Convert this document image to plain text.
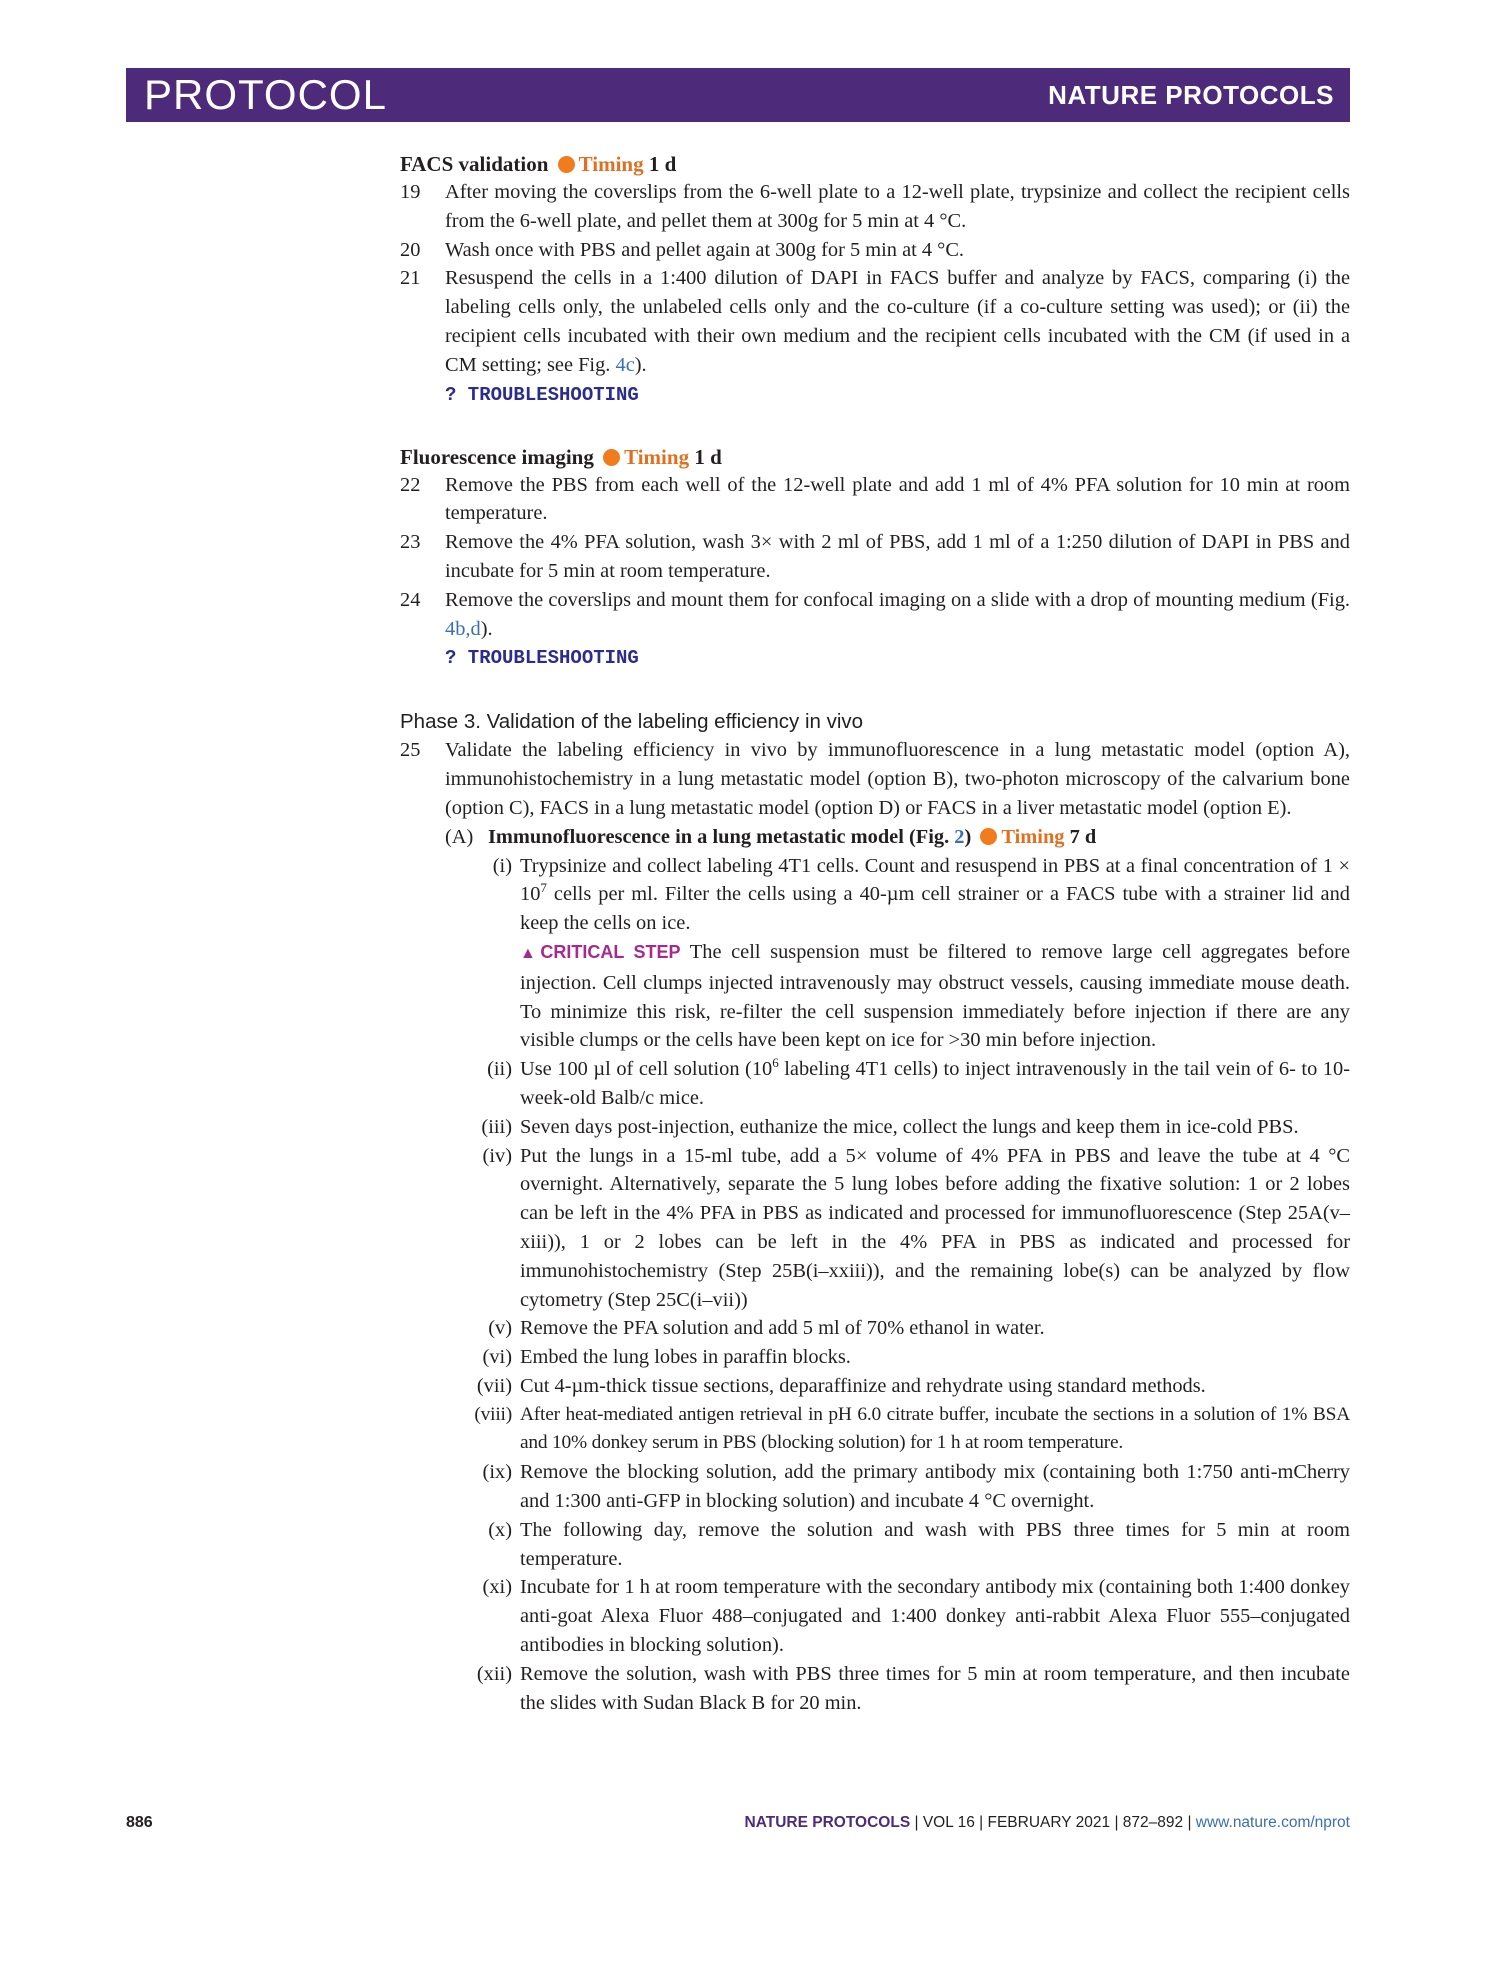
PROTOCOL	NATURE PROTOCOLS
FACS validation Timing 1 d
19 After moving the coverslips from the 6-well plate to a 12-well plate, trypsinize and collect the recipient cells from the 6-well plate, and pellet them at 300g for 5 min at 4 °C.
20 Wash once with PBS and pellet again at 300g for 5 min at 4 °C.
21 Resuspend the cells in a 1:400 dilution of DAPI in FACS buffer and analyze by FACS, comparing (i) the labeling cells only, the unlabeled cells only and the co-culture (if a co-culture setting was used); or (ii) the recipient cells incubated with their own medium and the recipient cells incubated with the CM (if used in a CM setting; see Fig. 4c).
? TROUBLESHOOTING
Fluorescence imaging Timing 1 d
22 Remove the PBS from each well of the 12-well plate and add 1 ml of 4% PFA solution for 10 min at room temperature.
23 Remove the 4% PFA solution, wash 3× with 2 ml of PBS, add 1 ml of a 1:250 dilution of DAPI in PBS and incubate for 5 min at room temperature.
24 Remove the coverslips and mount them for confocal imaging on a slide with a drop of mounting medium (Fig. 4b,d).
? TROUBLESHOOTING
Phase 3. Validation of the labeling efficiency in vivo
25 Validate the labeling efficiency in vivo by immunofluorescence in a lung metastatic model (option A), immunohistochemistry in a lung metastatic model (option B), two-photon microscopy of the calvarium bone (option C), FACS in a lung metastatic model (option D) or FACS in a liver metastatic model (option E).
(A) Immunofluorescence in a lung metastatic model (Fig. 2) Timing 7 d
(i) Trypsinize and collect labeling 4T1 cells. Count and resuspend in PBS at a final concentration of $1 \times 10^7$ cells per ml. Filter the cells using a 40-µm cell strainer or a FACS tube with a strainer lid and keep the cells on ice.
▲CRITICAL STEP The cell suspension must be filtered to remove large cell aggregates before injection. Cell clumps injected intravenously may obstruct vessels, causing immediate mouse death. To minimize this risk, re-filter the cell suspension immediately before injection if there are any visible clumps or the cells have been kept on ice for >30 min before injection.
(ii) Use 100 µl of cell solution ($10^6$ labeling 4T1 cells) to inject intravenously in the tail vein of 6- to 10-week-old Balb/c mice.
(iii) Seven days post-injection, euthanize the mice, collect the lungs and keep them in ice-cold PBS.
(iv) Put the lungs in a 15-ml tube, add a 5× volume of 4% PFA in PBS and leave the tube at 4 °C overnight. Alternatively, separate the 5 lung lobes before adding the fixative solution: 1 or 2 lobes can be left in the 4% PFA in PBS as indicated and processed for immunofluorescence (Step 25A(v–xiii)), 1 or 2 lobes can be left in the 4% PFA in PBS as indicated and processed for immunohistochemistry (Step 25B(i–xxiii)), and the remaining lobe(s) can be analyzed by flow cytometry (Step 25C(i–vii))
(v) Remove the PFA solution and add 5 ml of 70% ethanol in water.
(vi) Embed the lung lobes in paraffin blocks.
(vii) Cut 4-µm-thick tissue sections, deparaffinize and rehydrate using standard methods.
(viii) After heat-mediated antigen retrieval in pH 6.0 citrate buffer, incubate the sections in a solution of 1% BSA and 10% donkey serum in PBS (blocking solution) for 1 h at room temperature.
(ix) Remove the blocking solution, add the primary antibody mix (containing both 1:750 anti-mCherry and 1:300 anti-GFP in blocking solution) and incubate 4 °C overnight.
(x) The following day, remove the solution and wash with PBS three times for 5 min at room temperature.
(xi) Incubate for 1 h at room temperature with the secondary antibody mix (containing both 1:400 donkey anti-goat Alexa Fluor 488–conjugated and 1:400 donkey anti-rabbit Alexa Fluor 555–conjugated antibodies in blocking solution).
(xii) Remove the solution, wash with PBS three times for 5 min at room temperature, and then incubate the slides with Sudan Black B for 20 min.
886	NATURE PROTOCOLS | VOL 16 | FEBRUARY 2021 | 872–892 | www.nature.com/nprot
